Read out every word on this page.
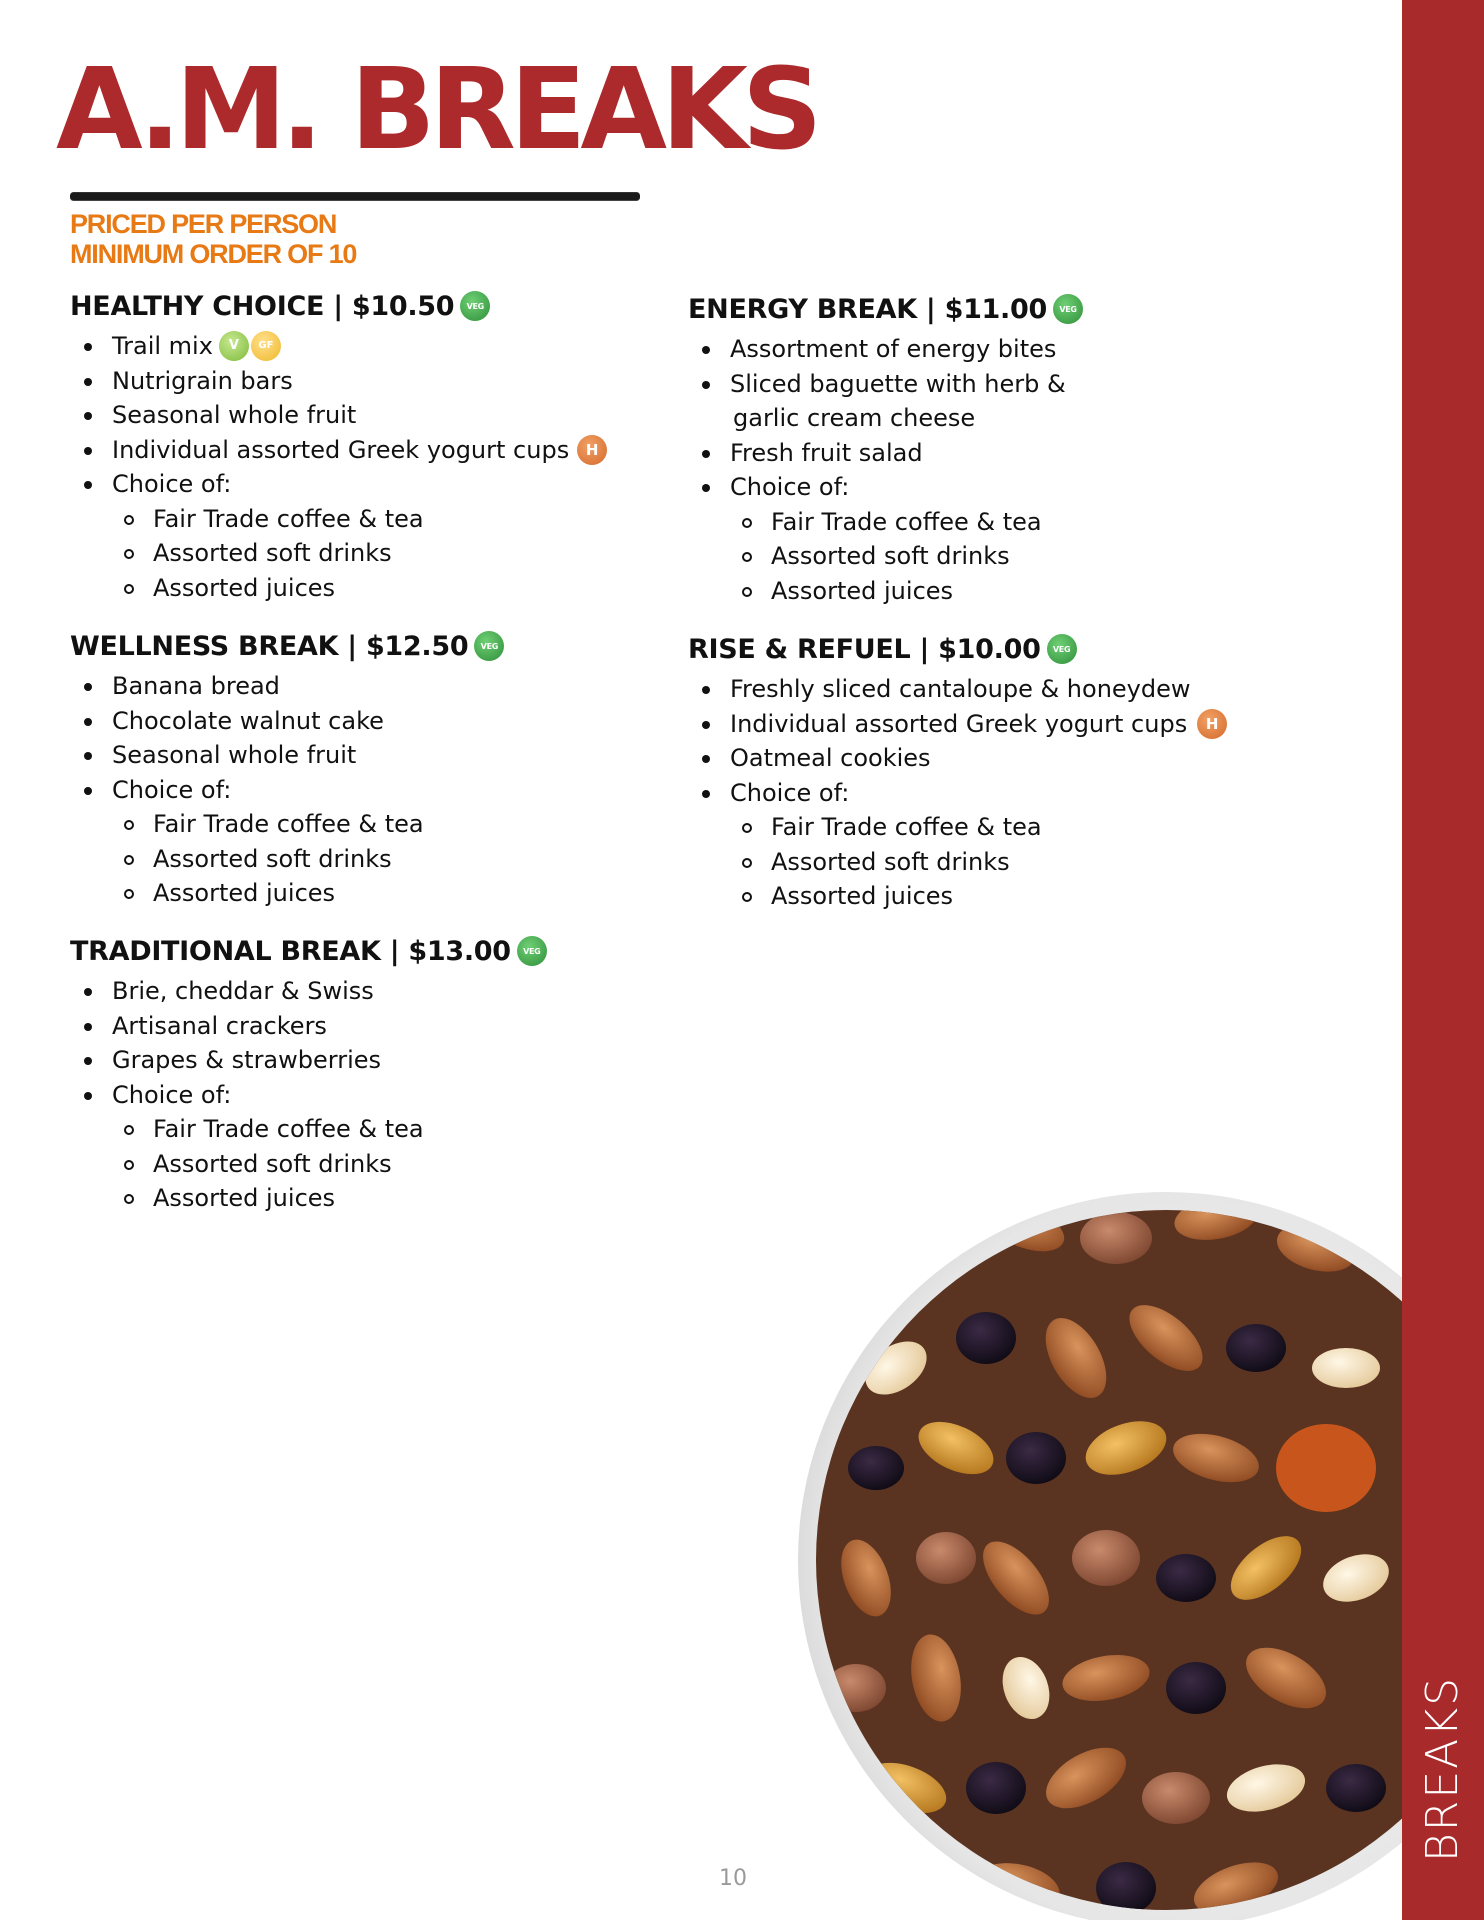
A.M. BREAKS
PRICED PER PERSON
MINIMUM ORDER OF 10
HEALTHY CHOICE | $10.50	VEG
Trail mix	V	GF
Nutrigrain bars
Seasonal whole fruit
Individual assorted Greek yogurt cups	H
Choice of:
Fair Trade coffee & tea
Assorted soft drinks
Assorted juices
ENERGY BREAK | $11.00	VEG
Assortment of energy bites
Sliced baguette with herb &
garlic cream cheese
Fresh fruit salad
Choice of:
Fair Trade coffee & tea
Assorted soft drinks
Assorted juices
WELLNESS BREAK | $12.50	VEG
Banana bread
Chocolate walnut cake
Seasonal whole fruit
Choice of:
Fair Trade coffee & tea
Assorted soft drinks
Assorted juices
RISE & REFUEL | $10.00	VEG
Freshly sliced cantaloupe & honeydew
Individual assorted Greek yogurt cups	H
Oatmeal cookies
Choice of:
Fair Trade coffee & tea
Assorted soft drinks
Assorted juices
TRADITIONAL BREAK | $13.00	VEG
Brie, cheddar & Swiss
Artisanal crackers
Grapes & strawberries
Choice of:
Fair Trade coffee & tea
Assorted soft drinks
Assorted juices
10
BREAKS
